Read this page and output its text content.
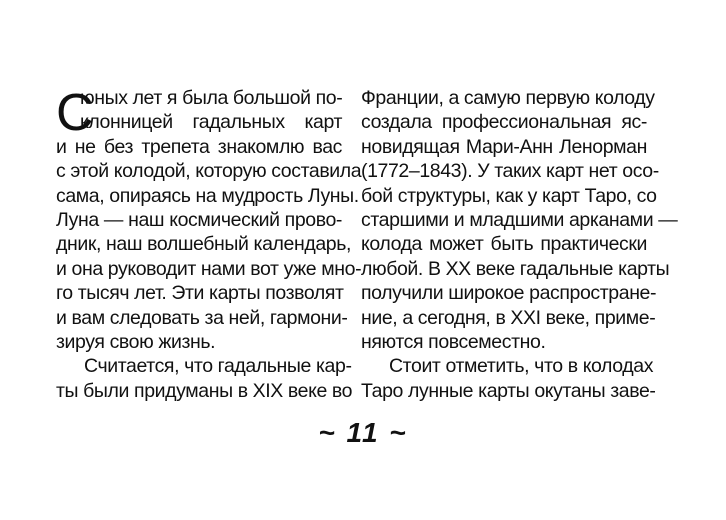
С
юных лет я была большой по-
клонницей гадальных карт
и не без трепета знакомлю вас
с этой колодой, которую составила
сама, опираясь на мудрость Луны.
Луна — наш космический прово-
дник, наш волшебный календарь,
и она руководит нами вот уже мно-
го тысяч лет. Эти карты позволят
и вам следовать за ней, гармони-
зируя свою жизнь.
Считается, что гадальные кар-
ты были придуманы в XIX веке во
Франции, а самую первую колоду
создала профессиональная яс-
новидящая Мари-Анн Ленорман
(1772–1843). У таких карт нет осо-
бой структуры, как у карт Таро, со
старшими и младшими арканами —
колода может быть практически
любой. В XX веке гадальные карты
получили широкое распростране-
ние, а сегодня, в XXI веке, приме-
няются повсеместно.
Стоит отметить, что в колодах
Таро лунные карты окутаны заве-
~ 11 ~
